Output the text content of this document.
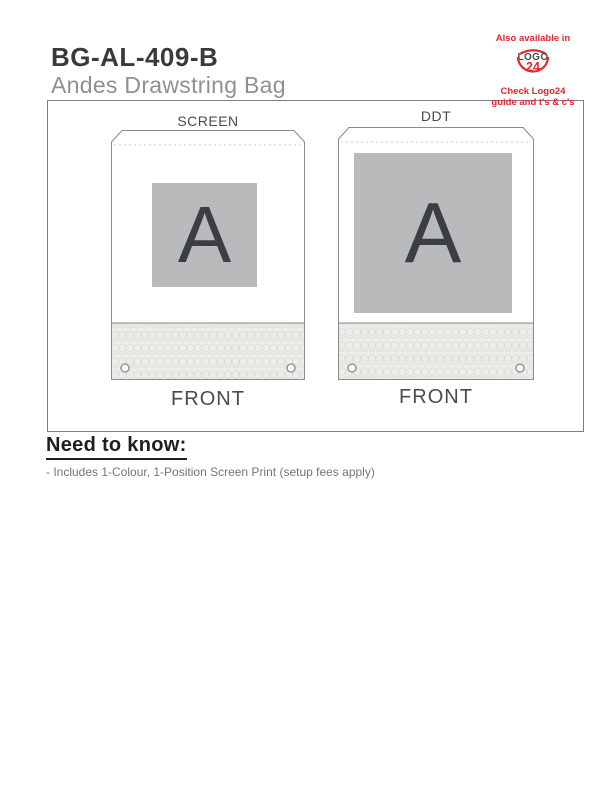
BG-AL-409-B
Andes Drawstring Bag
Also available in
LOGO
24
Check Logo24
guide and t's & c's
SCREEN
A
FRONT
DDT
A
FRONT
Need to know:
- Includes 1-Colour, 1-Position Screen Print (setup fees apply)
